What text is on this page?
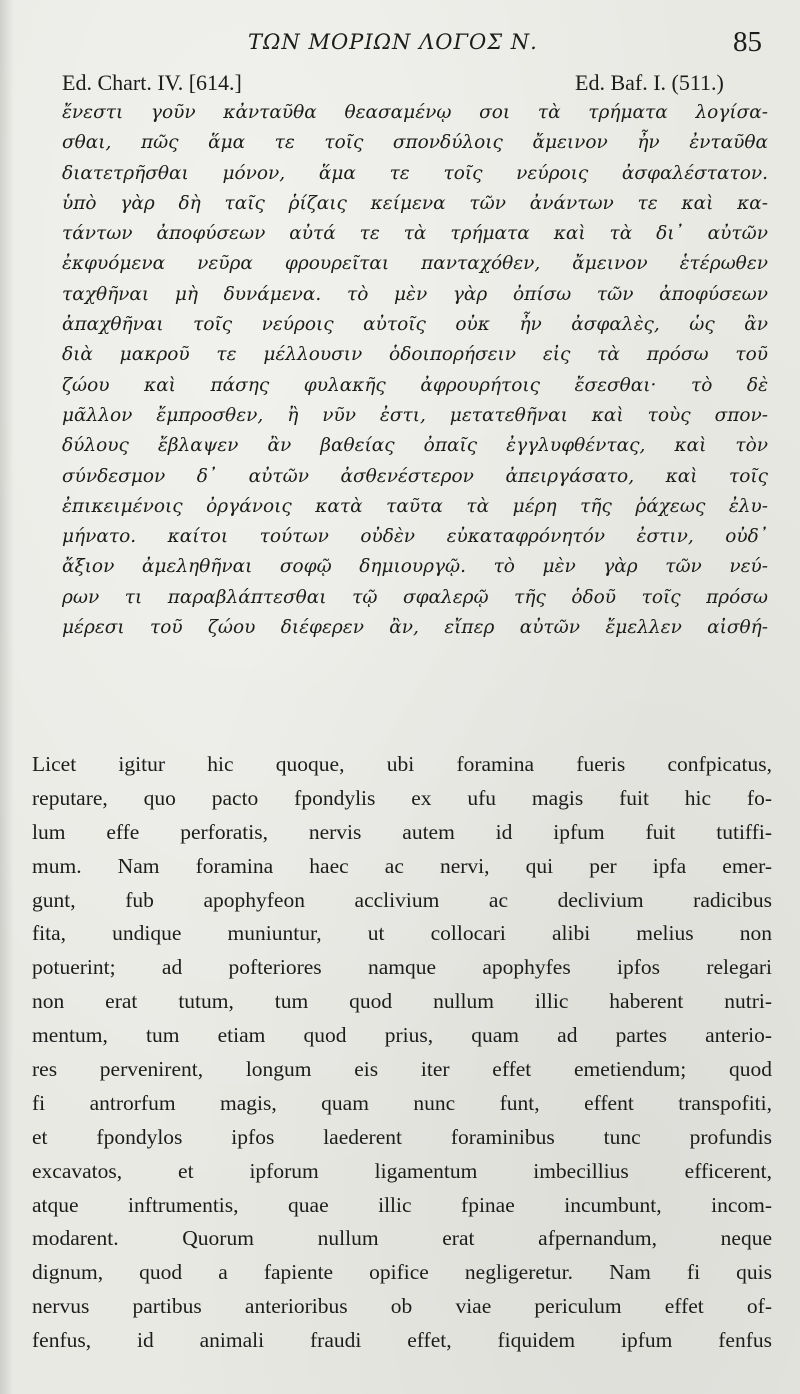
ΤΩΝ ΜΟΡΙΩΝ ΛΟΓΟΣ Ν.	85
Ed. Chart. IV. [614.]	Ed. Baf. I. (511.)
ἔνεστι γοῦν κἀνταῦθα θεασαμένῳ σοι τὰ τρήματα λογίσα-
σθαι, πῶς ἅμα τε τοῖς σπονδύλοις ἄμεινον ἦν ἐνταῦθα
διατετρῆσθαι μόνον, ἅμα τε τοῖς νεύροις ἀσφαλέστατον.
ὑπὸ γὰρ δὴ ταῖς ῥίζαις κείμενα τῶν ἀνάντων τε καὶ κα-
τάντων ἀποφύσεων αὐτά τε τὰ τρήματα καὶ τὰ δι᾽ αὐτῶν
ἐκφυόμενα νεῦρα φρουρεῖται πανταχόθεν, ἄμεινον ἑτέρωθεν
ταχθῆναι μὴ δυνάμενα. τὸ μὲν γὰρ ὀπίσω τῶν ἀποφύσεων
ἀπαχθῆναι τοῖς νεύροις αὐτοῖς οὐκ ἦν ἀσφαλὲς, ὡς ἂν
διὰ μακροῦ τε μέλλουσιν ὁδοιπορήσειν εἰς τὰ πρόσω τοῦ
ζώου καὶ πάσης φυλακῆς ἀφρουρήτοις ἔσεσθαι· τὸ δὲ
μᾶλλον ἔμπροσθεν, ἢ νῦν ἐστι, μετατεθῆναι καὶ τοὺς σπον-
δύλους ἔβλαψεν ἂν βαθείας ὀπαῖς ἐγγλυφθέντας, καὶ τὸν
σύνδεσμον δ᾽ αὐτῶν ἀσθενέστερον ἀπειργάσατο, καὶ τοῖς
ἐπικειμένοις ὀργάνοις κατὰ ταῦτα τὰ μέρη τῆς ῥάχεως ἐλυ-
μήνατο. καίτοι τούτων οὐδὲν εὐκαταφρόνητόν ἐστιν, οὐδ᾽
ἄξιον ἀμεληθῆναι σοφῷ δημιουργῷ. τὸ μὲν γὰρ τῶν νεύ-
ρων τι παραβλάπτεσθαι τῷ σφαλερῷ τῆς ὁδοῦ τοῖς πρόσω
μέρεσι τοῦ ζώου διέφερεν ἂν, εἴπερ αὐτῶν ἔμελλεν αἰσθή-
Licet igitur hic quoque, ubi foramina fueris confpicatus,
reputare, quo pacto fpondylis ex ufu magis fuit hic fo-
lum effe perforatis, nervis autem id ipfum fuit tutiffi-
mum. Nam foramina haec ac nervi, qui per ipfa emer-
gunt, fub apophyfeon acclivium ac declivium radicibus
fita, undique muniuntur, ut collocari alibi melius non
potuerint; ad pofteriores namque apophyfes ipfos relegari
non erat tutum, tum quod nullum illic haberent nutri-
mentum, tum etiam quod prius, quam ad partes anterio-
res pervenirent, longum eis iter effet emetiendum; quod
fi antrorfum magis, quam nunc funt, effent transpofiti,
et fpondylos ipfos laederent foraminibus tunc profundis
excavatos, et ipforum ligamentum imbecillius efficerent,
atque inftrumentis, quae illic fpinae incumbunt, incom-
modarent. Quorum nullum erat afpernandum, neque
dignum, quod a fapiente opifice negligeretur. Nam fi quis
nervus partibus anterioribus ob viae periculum effet of-
fenfus, id animali fraudi effet, fiquidem ipfum fenfus
